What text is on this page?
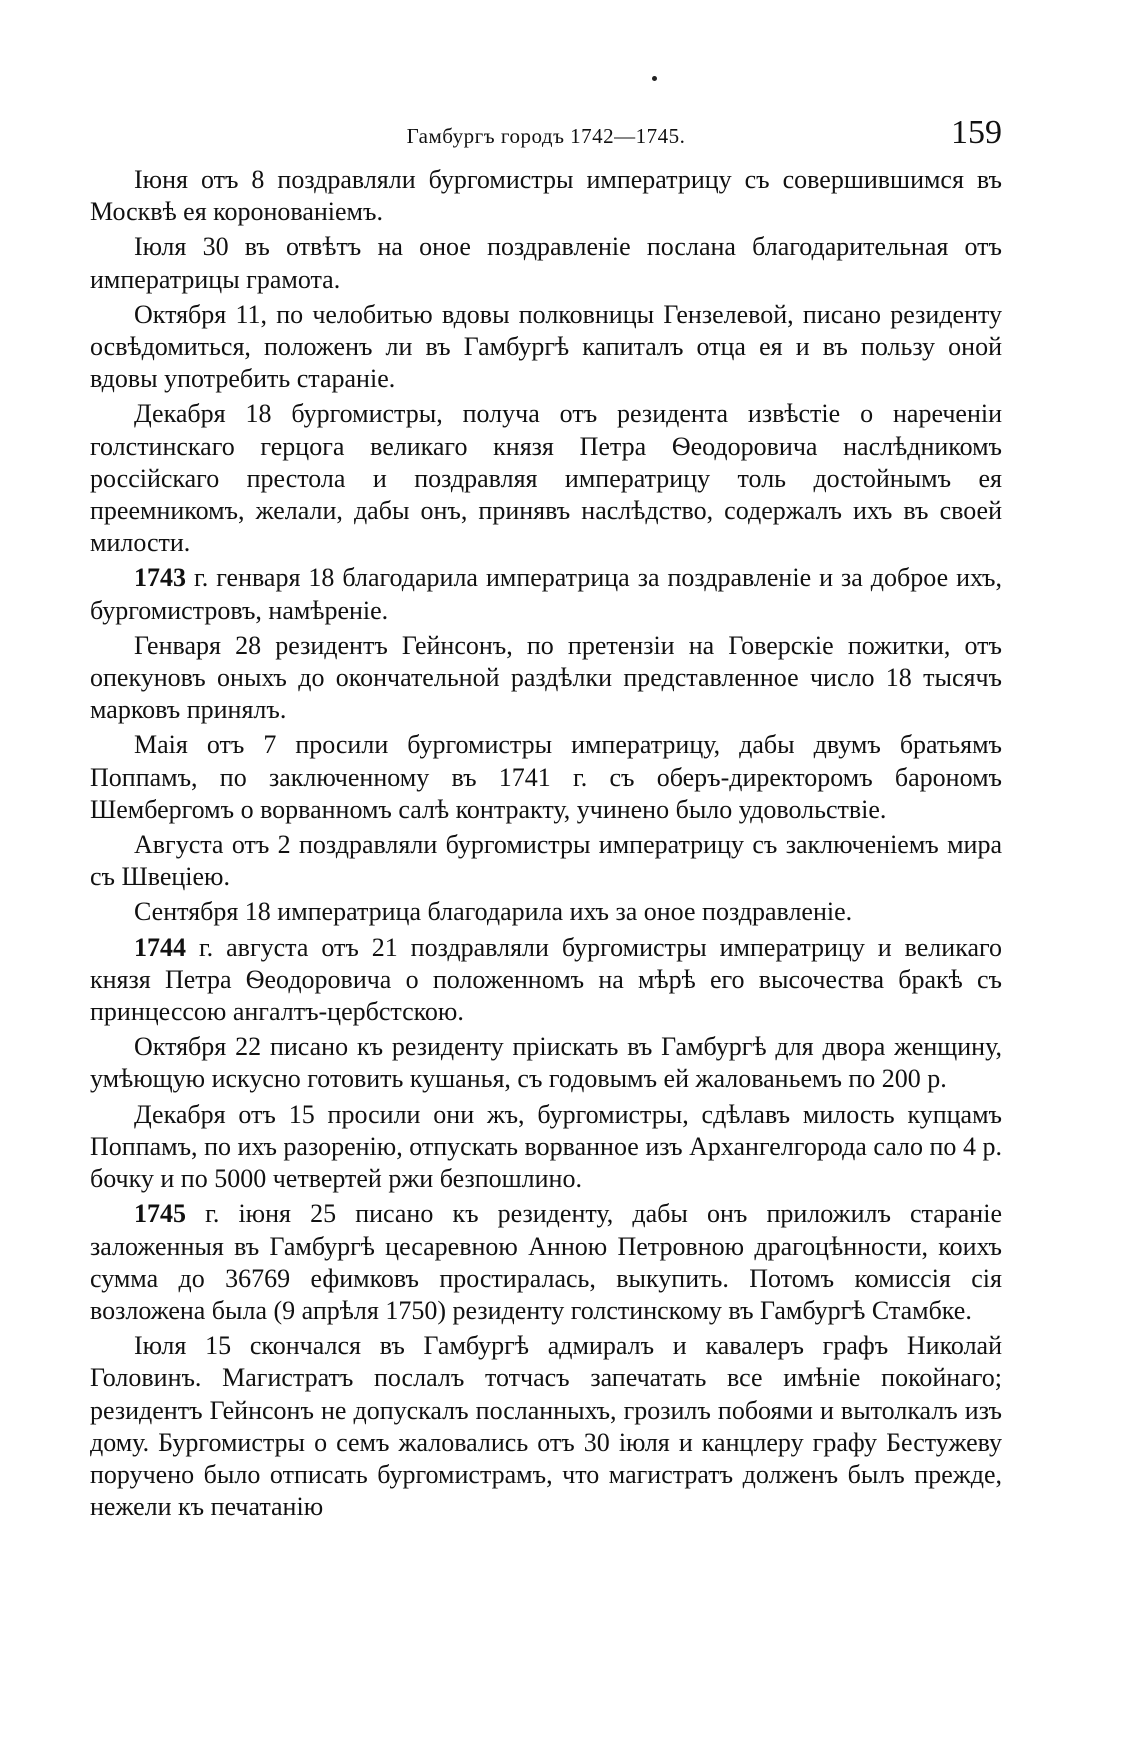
Гамбургъ городъ 1742—1745.	159

Іюня отъ 8 поздравляли бургомистры императрицу съ совершившимся въ Москвѣ ея коронованіемъ.

Іюля 30 въ отвѣтъ на оное поздравленіе послана благодарительная отъ императрицы грамота.

Октября 11, по челобитью вдовы полковницы Гензелевой, писано резиденту освѣдомиться, положенъ ли въ Гамбургѣ капиталъ отца ея и въ пользу оной вдовы употребить стараніе.

Декабря 18 бургомистры, получа отъ резидента извѣстіе о нареченіи голстинскаго герцога великаго князя Петра Ѳеодоровича наслѣдникомъ россійскаго престола и поздравляя императрицу толь достойнымъ ея преемникомъ, желали, дабы онъ, принявъ наслѣдство, содержалъ ихъ въ своей милости.

1743 г. генваря 18 благодарила императрица за поздравленіе и за доброе ихъ, бургомистровъ, намѣреніе.

Генваря 28 резидентъ Гейнсонъ, по претензіи на Говерскіе пожитки, отъ опекуновъ оныхъ до окончательной раздѣлки представленное число 18 тысячъ марковъ принялъ.

Маія отъ 7 просили бургомистры императрицу, дабы двумъ братьямъ Поппамъ, по заключенному въ 1741 г. съ оберъ-директоромъ барономъ Шембергомъ о ворванномъ салѣ контракту, учинено было удовольствіе.

Августа отъ 2 поздравляли бургомистры императрицу съ заключеніемъ мира съ Швеціею.

Сентября 18 императрица благодарила ихъ за оное поздравленіе.

1744 г. августа отъ 21 поздравляли бургомистры императрицу и великаго князя Петра Ѳеодоровича о положенномъ на мѣрѣ его высочества бракѣ съ принцессою ангалтъ-цербстскою.

Октября 22 писано къ резиденту пріискать въ Гамбургѣ для двора женщину, умѣющую искусно готовить кушанья, съ годовымъ ей жалованьемъ по 200 р.

Декабря отъ 15 просили они жъ, бургомистры, сдѣлавъ милость купцамъ Поппамъ, по ихъ разоренію, отпускать ворванное изъ Архангелгорода сало по 4 р. бочку и по 5000 четвертей ржи безпошлино.

1745 г. іюня 25 писано къ резиденту, дабы онъ приложилъ стараніе заложенныя въ Гамбургѣ цесаревною Анною Петровною драгоцѣнности, коихъ сумма до 36769 ефимковъ простиралась, выкупить. Потомъ комиссія сія возложена была (9 апрѣля 1750) резиденту голстинскому въ Гамбургѣ Стамбке.

Іюля 15 скончался въ Гамбургѣ адмиралъ и кавалеръ графъ Николай Головинъ. Магистратъ послалъ тотчасъ запечатать все имѣніе покойнаго; резидентъ Гейнсонъ не допускалъ посланныхъ, грозилъ побоями и вытолкалъ изъ дому. Бургомистры о семъ жаловались отъ 30 іюля и канцлеру графу Бестужеву поручено было отписать бургомистрамъ, что магистратъ долженъ былъ прежде, нежели къ печатанію
